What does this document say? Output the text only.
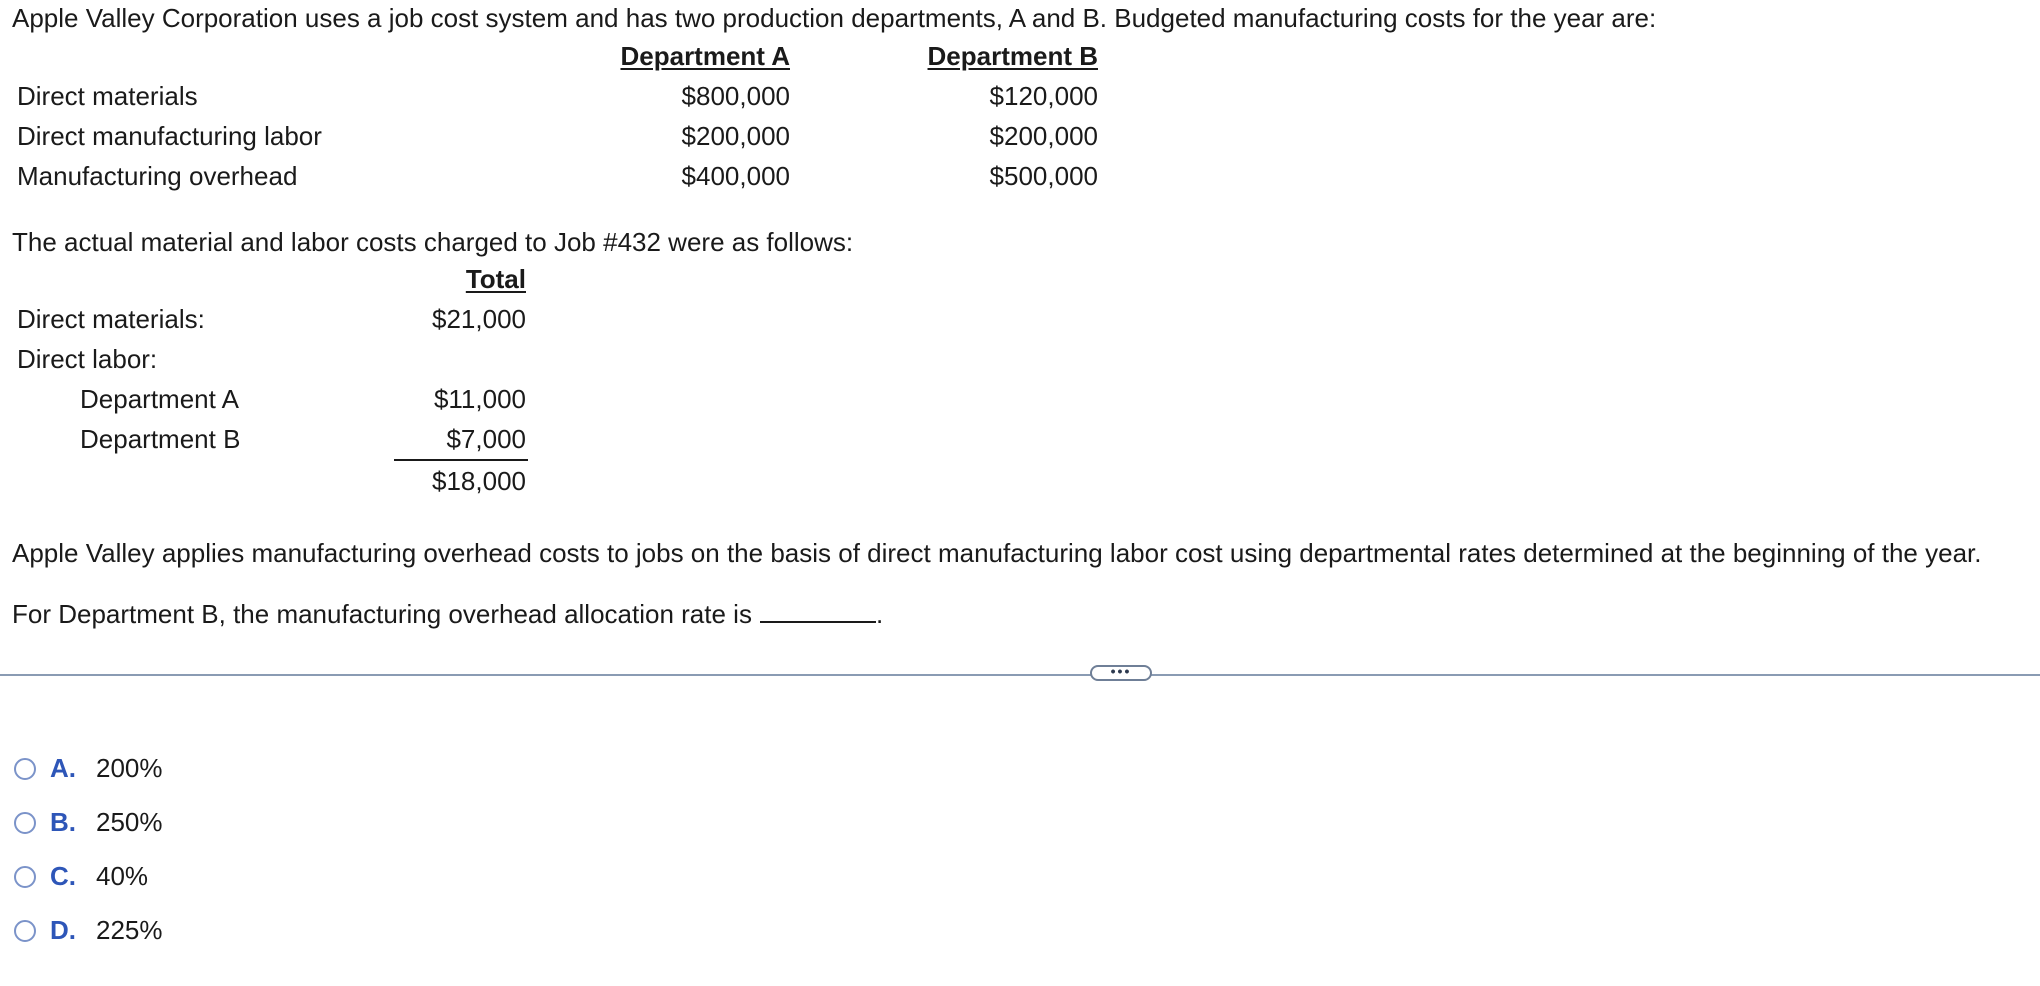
Apple Valley Corporation uses a job cost system and has two production departments, A and B. Budgeted manufacturing costs for the year are:
Department A	Department B
Direct materials	$800,000	$120,000
Direct manufacturing labor	$200,000	$200,000
Manufacturing overhead	$400,000	$500,000
The actual material and labor costs charged to Job #432 were as follows:
Total
Direct materials:	$21,000
Direct labor:
Department A	$11,000
Department B	$7,000
$18,000
Apple Valley applies manufacturing overhead costs to jobs on the basis of direct manufacturing labor cost using departmental rates determined at the beginning of the year.
For Department B, the manufacturing overhead allocation rate is	.
•••
A. 200%
B. 250%
C. 40%
D. 225%
